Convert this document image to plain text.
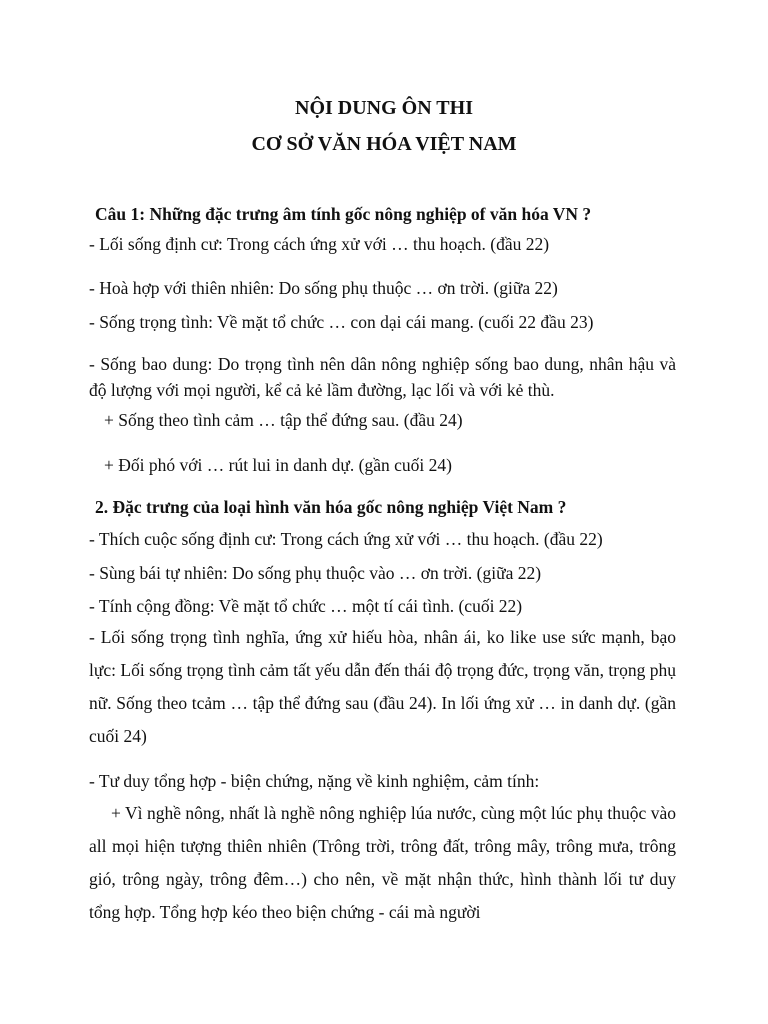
NỘI DUNG ÔN THI
CƠ SỞ VĂN HÓA VIỆT NAM

Câu 1: Những đặc trưng âm tính gốc nông nghiệp of văn hóa VN ?

- Lối sống định cư: Trong cách ứng xử với … thu hoạch. (đầu 22)

- Hoà hợp với thiên nhiên: Do sống phụ thuộc … ơn trời. (giữa 22)

- Sống trọng tình: Về mặt tổ chức … con dại cái mang. (cuối 22 đầu 23)

- Sống bao dung: Do trọng tình nên dân nông nghiệp sống bao dung, nhân hậu và độ lượng với mọi người, kể cả kẻ lầm đường, lạc lối và với kẻ thù.

+ Sống theo tình cảm … tập thể đứng sau. (đầu 24)

+ Đối phó với … rút lui in danh dự. (gần cuối 24)

2. Đặc trưng của loại hình văn hóa gốc nông nghiệp Việt Nam ?

- Thích cuộc sống định cư: Trong cách ứng xử với … thu hoạch. (đầu 22)

- Sùng bái tự nhiên: Do sống phụ thuộc vào … ơn trời. (giữa 22)

- Tính cộng đồng: Về mặt tổ chức … một tí cái tình. (cuối 22)

- Lối sống trọng tình nghĩa, ứng xử hiếu hòa, nhân ái, ko like use sức mạnh, bạo lực: Lối sống trọng tình cảm tất yếu dẫn đến thái độ trọng đức, trọng văn, trọng phụ nữ. Sống theo tcảm … tập thể đứng sau (đầu 24). In lối ứng xử … in danh dự. (gần cuối 24)

- Tư duy tổng hợp - biện chứng, nặng về kinh nghiệm, cảm tính:

+ Vì nghề nông, nhất là nghề nông nghiệp lúa nước, cùng một lúc phụ thuộc vào all mọi hiện tượng thiên nhiên (Trông trời, trông đất, trông mây, trông mưa, trông gió, trông ngày, trông đêm…) cho nên, về mặt nhận thức, hình thành lối tư duy tổng hợp. Tổng hợp kéo theo biện chứng - cái mà người
